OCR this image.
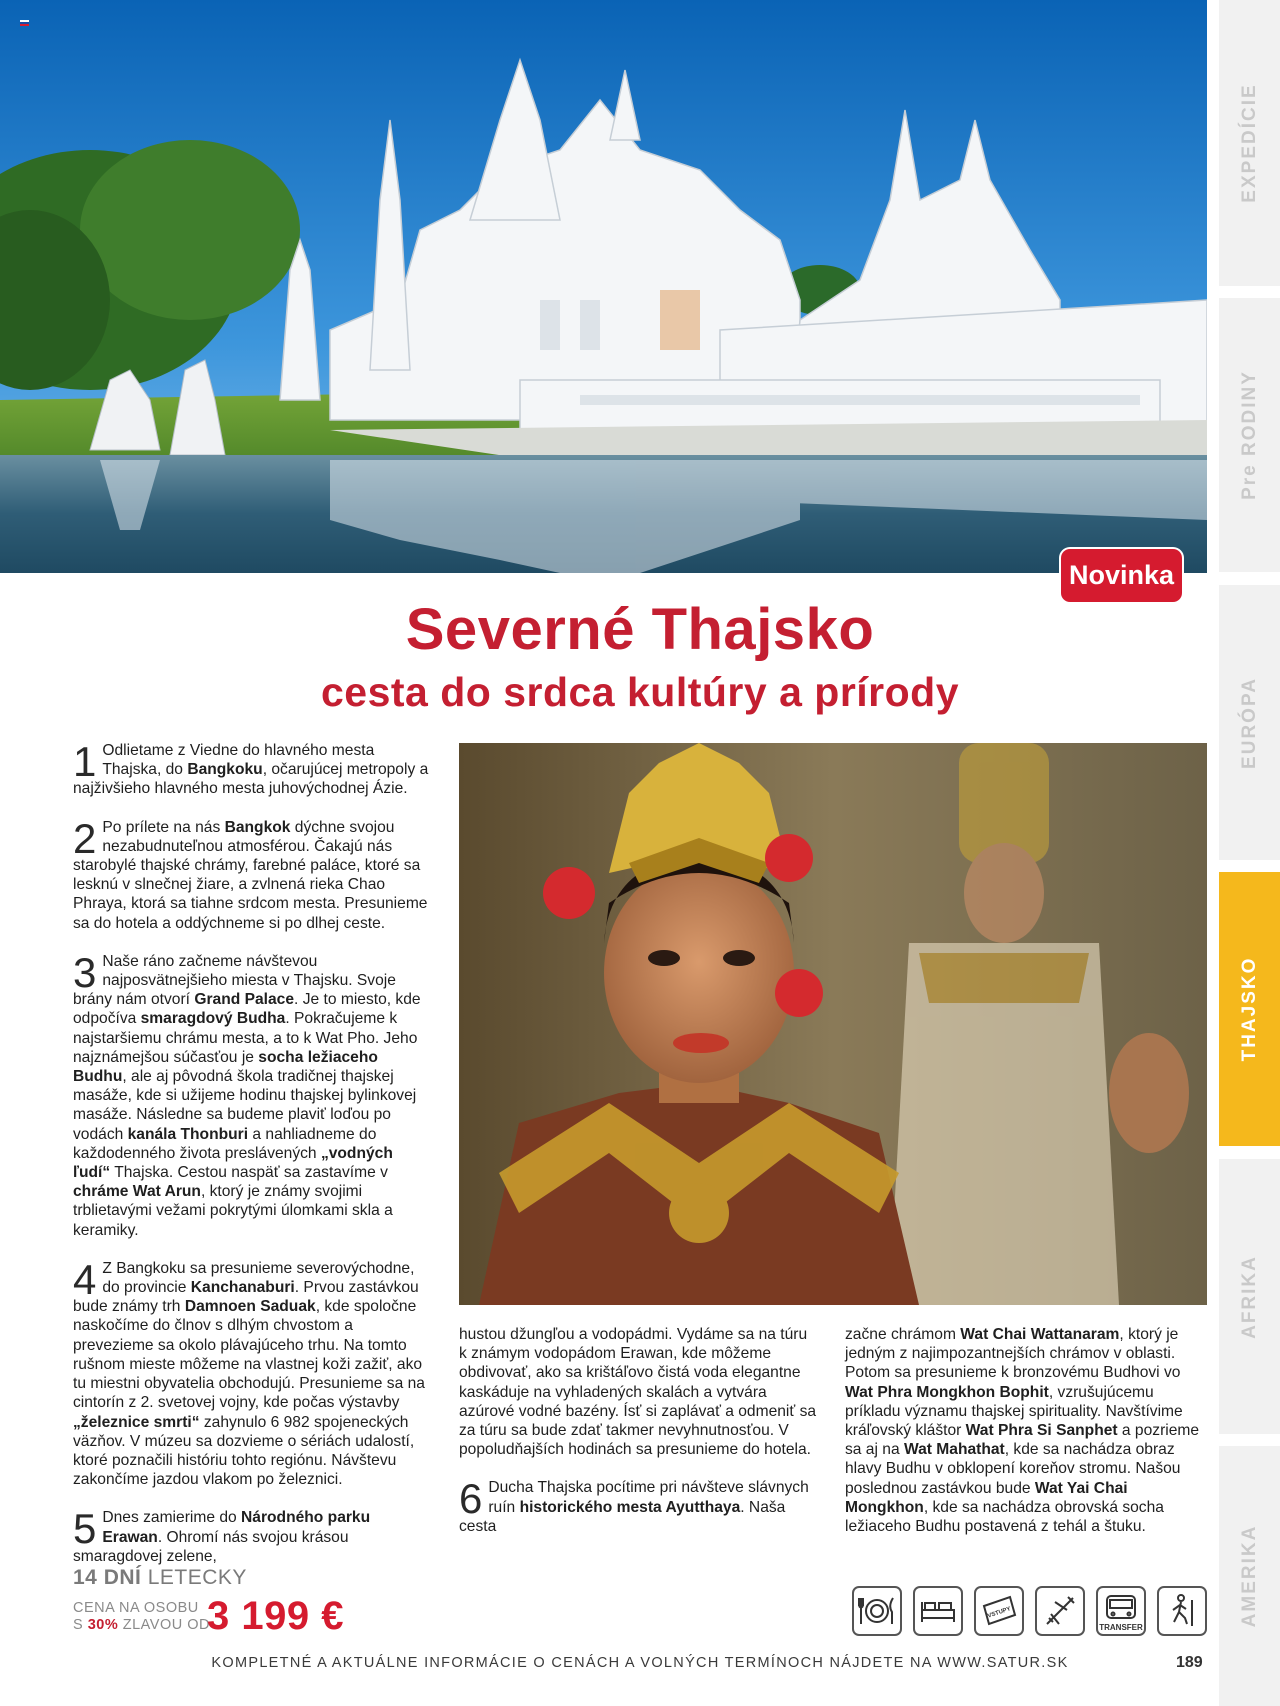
EXPEDÍCIE
Pre RODINY
EURÓPA
THAJSKO
AFRIKA
AMERIKA
Novinka
Severné Thajsko
cesta do srdca kultúry a prírody

1 Odlietame z Viedne do hlavného mesta Thajska, do Bangkoku, očarujúcej metropoly a najživšieho hlavného mesta juhovýchodnej Ázie.

2 Po prílete na nás Bangkok dýchne svojou nezabudnuteľnou atmosférou. Čakajú nás starobylé thajské chrámy, farebné paláce, ktoré sa lesknú v slnečnej žiare, a zvlnená rieka Chao Phraya, ktorá sa tiahne srdcom mesta. Presunieme sa do hotela a oddýchneme si po dlhej ceste.

3 Naše ráno začneme návštevou najposvätnejšieho miesta v Thajsku. Svoje brány nám otvorí Grand Palace. Je to miesto, kde odpočíva smaragdový Budha. Pokračujeme k najstaršiemu chrámu mesta, a to k Wat Pho. Jeho najznámejšou súčasťou je socha ležiaceho Budhu, ale aj pôvodná škola tradičnej thajskej masáže, kde si užijeme hodinu thajskej bylinkovej masáže. Následne sa budeme plaviť loďou po vodách kanála Thonburi a nahliadneme do každodenného života preslávených „vodných ľudí“ Thajska. Cestou naspäť sa zastavíme v chráme Wat Arun, ktorý je známy svojimi trblietavými vežami pokrytými úlomkami skla a keramiky.

4 Z Bangkoku sa presunieme severovýchodne, do provincie Kanchanaburi. Prvou zastávkou bude známy trh Damnoen Saduak, kde spoločne naskočíme do člnov s dlhým chvostom a prevezieme sa okolo plávajúceho trhu. Na tomto rušnom mieste môžeme na vlastnej koži zažiť, ako tu miestni obyvatelia obchodujú. Presunieme sa na cintorín z 2. svetovej vojny, kde počas výstavby „železnice smrti“ zahynulo 6 982 spojeneckých väzňov. V múzeu sa dozvieme o sériách udalostí, ktoré poznačili históriu tohto regiónu. Návštevu zakončíme jazdou vlakom po železnici.

5 Dnes zamierime do Národného parku Erawan. Ohromí nás svojou krásou smaragdovej zelene,

hustou džungľou a vodopádmi. Vydáme sa na túru k známym vodopádom Erawan, kde môžeme obdivovať, ako sa krištáľovo čistá voda elegantne kaskáduje na vyhladených skalách a vytvára azúrové vodné bazény. Ísť si zaplávať a odmeniť sa za túru sa bude zdať takmer nevyhnutnosťou. V popoludňajších hodinách sa presunieme do hotela.

6 Ducha Thajska pocítime pri návšteve slávnych ruín historického mesta Ayutthaya. Naša cesta

začne chrámom Wat Chai Wattanaram, ktorý je jedným z najimpozantnejších chrámov v oblasti. Potom sa presunieme k bronzovému Budhovi vo Wat Phra Mongkhon Bophit, vzrušujúcemu príkladu významu thajskej spirituality. Navštívime kráľovský kláštor Wat Phra Si Sanphet a pozrieme sa aj na Wat Mahathat, kde sa nachádza obraz hlavy Budhu v obklopení koreňov stromu. Našou poslednou zastávkou bude Wat Yai Chai Mongkhon, kde sa nachádza obrovská socha ležiaceho Budhu postavená z tehál a štuku.

14 DNÍ LETECKY
CENA NA OSOBU
S 30% ZLAVOU OD
3 199 €	VSTUPY
TRANSFER
KOMPLETNÉ A AKTUÁLNE INFORMÁCIE O CENÁCH A VOLNÝCH TERMÍNOCH NÁJDETE NA WWW.SATUR.SK	189
